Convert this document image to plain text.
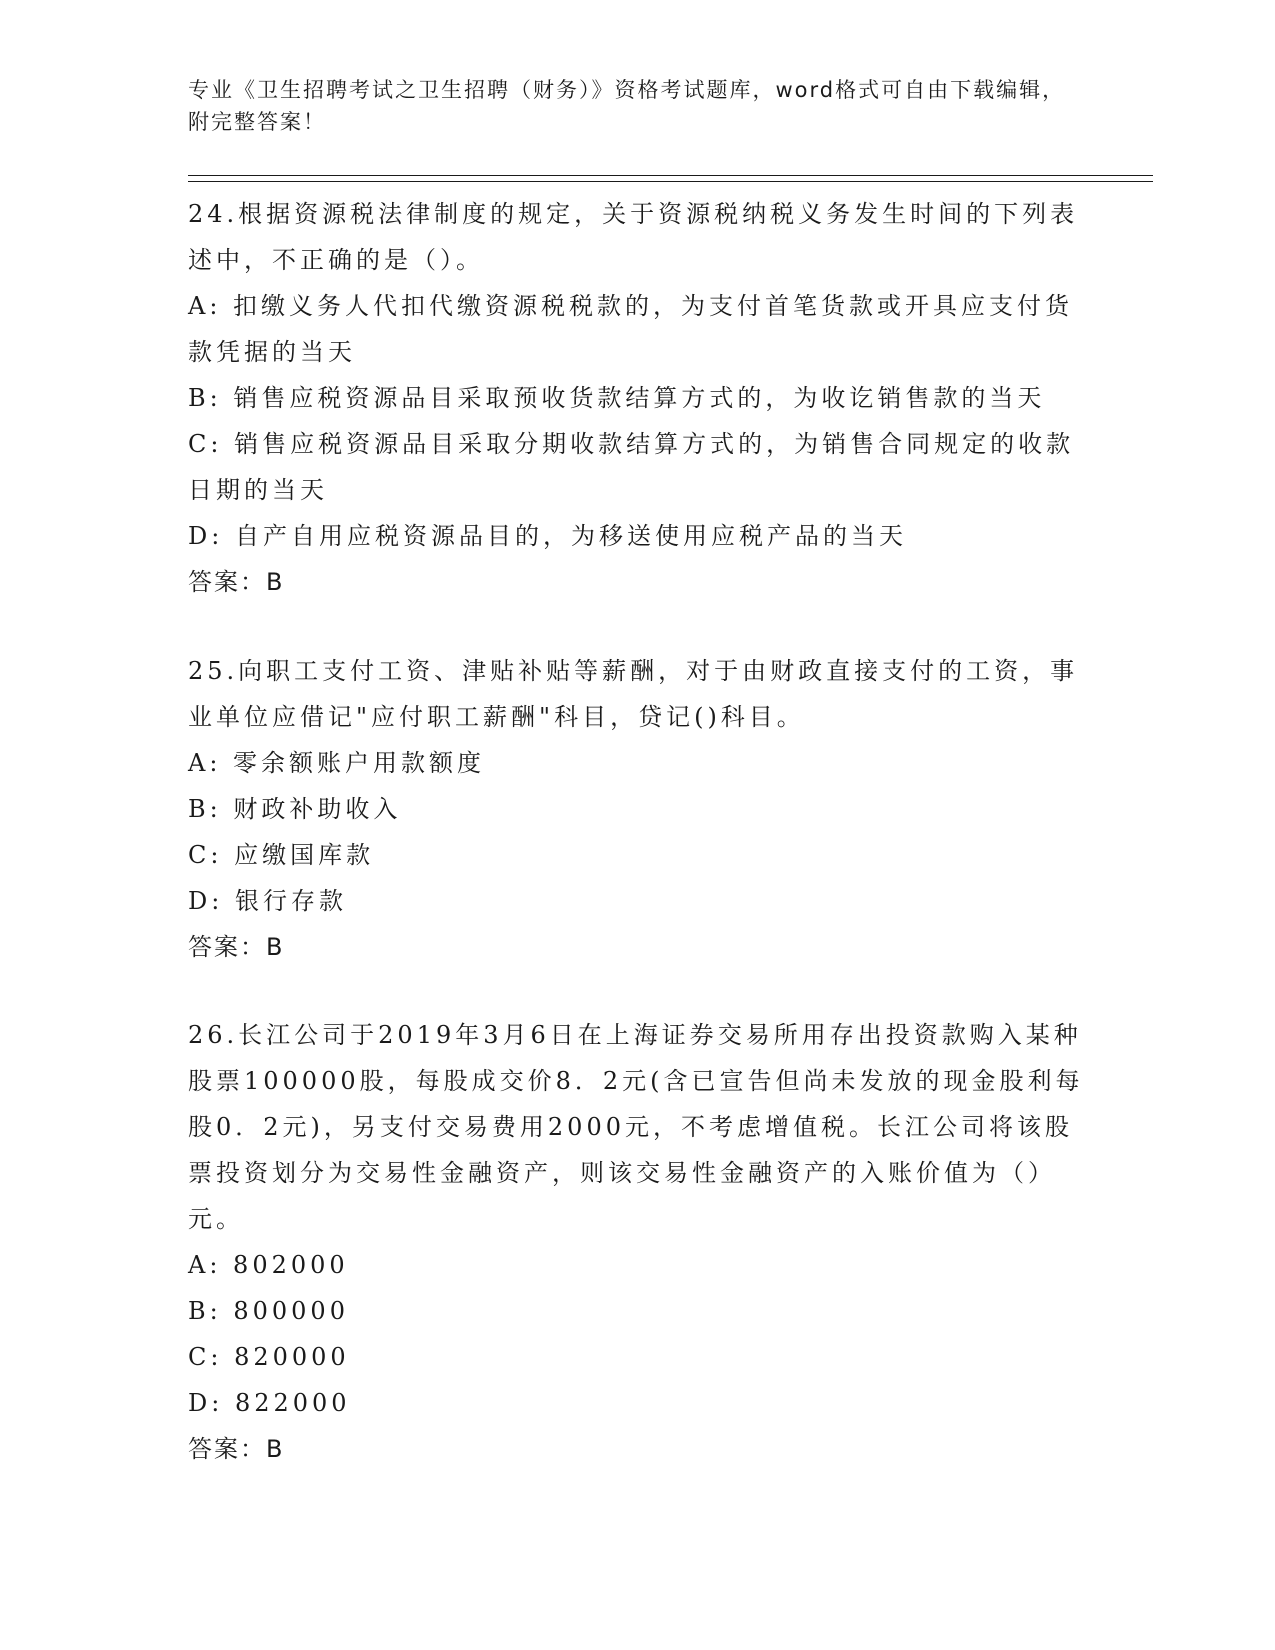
专业《卫生招聘考试之卫生招聘（财务）》资格考试题库，word格式可自由下载编辑，附完整答案！

24.根据资源税法律制度的规定，关于资源税纳税义务发生时间的下列表述中，不正确的是（）。

A: 扣缴义务人代扣代缴资源税税款的，为支付首笔货款或开具应支付货款凭据的当天

B: 销售应税资源品目采取预收货款结算方式的，为收讫销售款的当天

C: 销售应税资源品目采取分期收款结算方式的，为销售合同规定的收款日期的当天

D: 自产自用应税资源品目的，为移送使用应税产品的当天

答案：B

25.向职工支付工资、津贴补贴等薪酬，对于由财政直接支付的工资，事业单位应借记"应付职工薪酬"科目，贷记()科目。

A: 零余额账户用款额度

B: 财政补助收入

C: 应缴国库款

D: 银行存款

答案：B

26.长江公司于2019年3月6日在上海证券交易所用存出投资款购入某种股票100000股，每股成交价8．2元(含已宣告但尚未发放的现金股利每股0．2元)，另支付交易费用2000元，不考虑增值税。长江公司将该股票投资划分为交易性金融资产，则该交易性金融资产的入账价值为（）元。

A: 802000

B: 800000

C: 820000

D: 822000

答案：B
